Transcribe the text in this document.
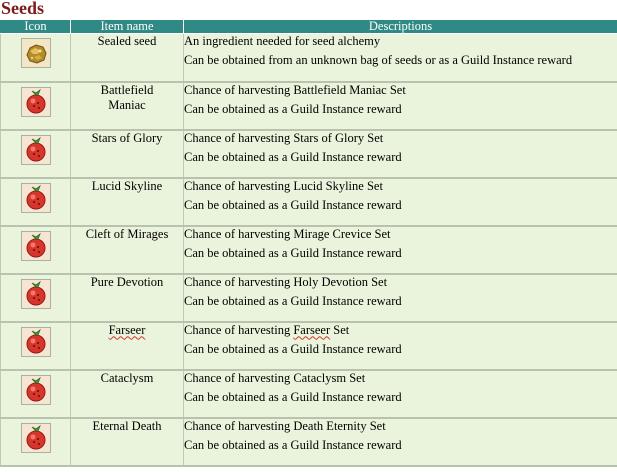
Seeds
Icon	Item name	Descriptions

	Sealed seed	An ingredient needed for seed alchemy
Can be obtained from an unknown bag of seeds or as a Guild Instance reward

	Battlefield Maniac	Chance of harvesting Battlefield Maniac Set
Can be obtained as a Guild Instance reward

	Stars of Glory	Chance of harvesting Stars of Glory Set
Can be obtained as a Guild Instance reward

	Lucid Skyline	Chance of harvesting Lucid Skyline Set
Can be obtained as a Guild Instance reward

	Cleft of Mirages	Chance of harvesting Mirage Crevice Set
Can be obtained as a Guild Instance reward

	Pure Devotion	Chance of harvesting Holy Devotion Set
Can be obtained as a Guild Instance reward

	Farseer	Chance of harvesting Farseer Set
Can be obtained as a Guild Instance reward

	Cataclysm	Chance of harvesting Cataclysm Set
Can be obtained as a Guild Instance reward

	Eternal Death	Chance of harvesting Death Eternity Set
Can be obtained as a Guild Instance reward
